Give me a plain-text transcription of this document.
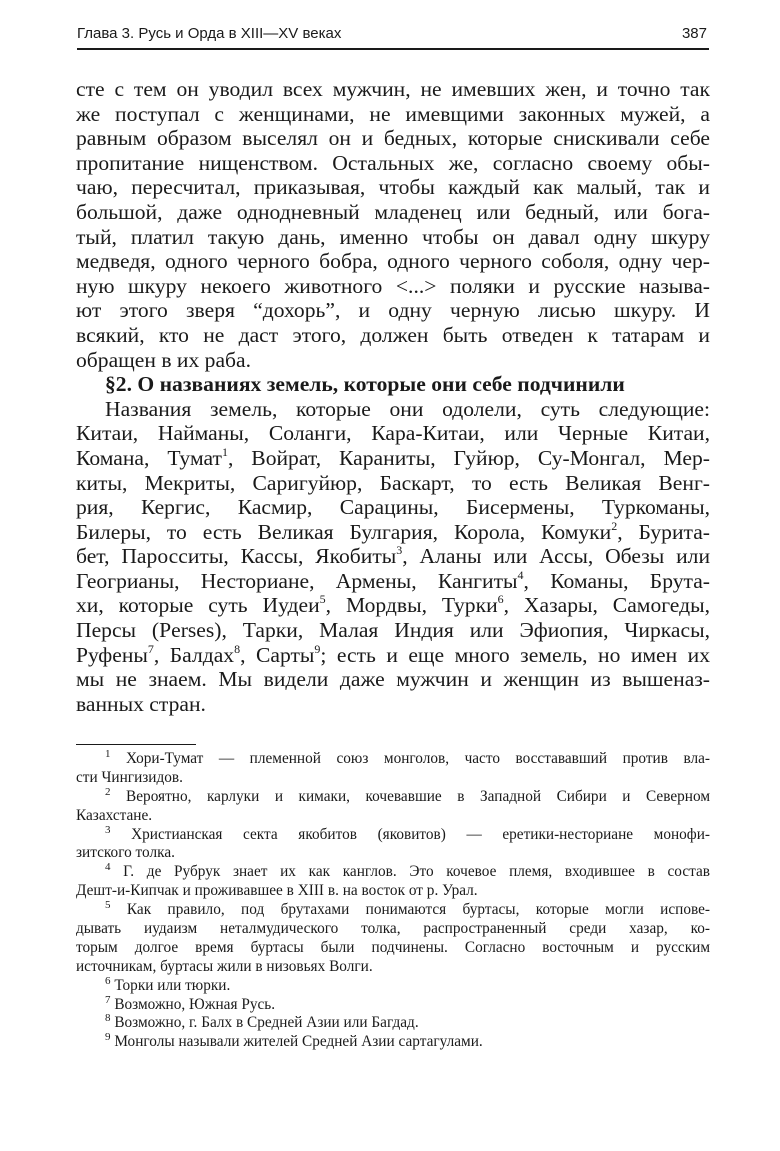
Глава 3. Русь и Орда в XIII—XV веках	387
сте с тем он уводил всех мужчин, не имевших жен, и точно так
же поступал с женщинами, не имевщими законных мужей, а
равным образом выселял он и бедных, которые снискивали себе
пропитание нищенством. Остальных же, согласно своему обы-
чаю, пересчитал, приказывая, чтобы каждый как малый, так и
большой, даже однодневный младенец или бедный, или бога-
тый, платил такую дань, именно чтобы он давал одну шкуру
медведя, одного черного бобра, одного черного соболя, одну чер-
ную шкуру некоего животного <...> поляки и русские называ-
ют этого зверя “дохорь”, и одну черную лисью шкуру. И
всякий, кто не даст этого, должен быть отведен к татарам и
обращен в их раба.
§2. О названиях земель, которые они себе подчинили
Названия земель, которые они одолели, суть следующие:
Китаи, Найманы, Соланги, Кара-Китаи, или Черные Китаи,
Комана, Тумат$^1$, Войрат, Караниты, Гуйюр, Су-Монгал, Мер-
киты, Мекриты, Саригуйюр, Баскарт, то есть Великая Венг-
рия, Кергис, Касмир, Сарацины, Бисермены, Туркоманы,
Билеры, то есть Великая Булгария, Корола, Комуки$^2$, Бурита-
бет, Паросситы, Кассы, Якобиты$^3$, Аланы или Ассы, Обезы или
Геогрианы, Несториане, Армены, Кангиты$^4$, Команы, Брута-
хи, которые суть Иудеи$^5$, Мордвы, Турки$^6$, Хазары, Самогеды,
Персы (Perses), Тарки, Малая Индия или Эфиопия, Чиркасы,
Руфены$^7$, Балдах$^8$, Сарты$^9$; есть и еще много земель, но имен их
мы не знаем. Мы видели даже мужчин и женщин из вышеназ-
ванных стран.
$^1$ Хори-Тумат — племенной союз монголов, часто восстававший против вла-
сти Чингизидов.
$^2$ Вероятно, карлуки и кимаки, кочевавшие в Западной Сибири и Северном
Казахстане.
$^3$ Христианская секта якобитов (яковитов) — еретики-несториане монофи-
зитского толка.
$^4$ Г. де Рубрук знает их как канглов. Это кочевое племя, входившее в состав
Дешт-и-Кипчак и проживавшее в XIII в. на восток от р. Урал.
$^5$ Как правило, под брутахами понимаются буртасы, которые могли испове-
дывать иудаизм неталмудического толка, распространенный среди хазар, ко-
торым долгое время буртасы были подчинены. Согласно восточным и русским
источникам, буртасы жили в низовьях Волги.
$^6$ Торки или тюрки.
$^7$ Возможно, Южная Русь.
$^8$ Возможно, г. Балх в Средней Азии или Багдад.
$^9$ Монголы называли жителей Средней Азии сартагулами.
